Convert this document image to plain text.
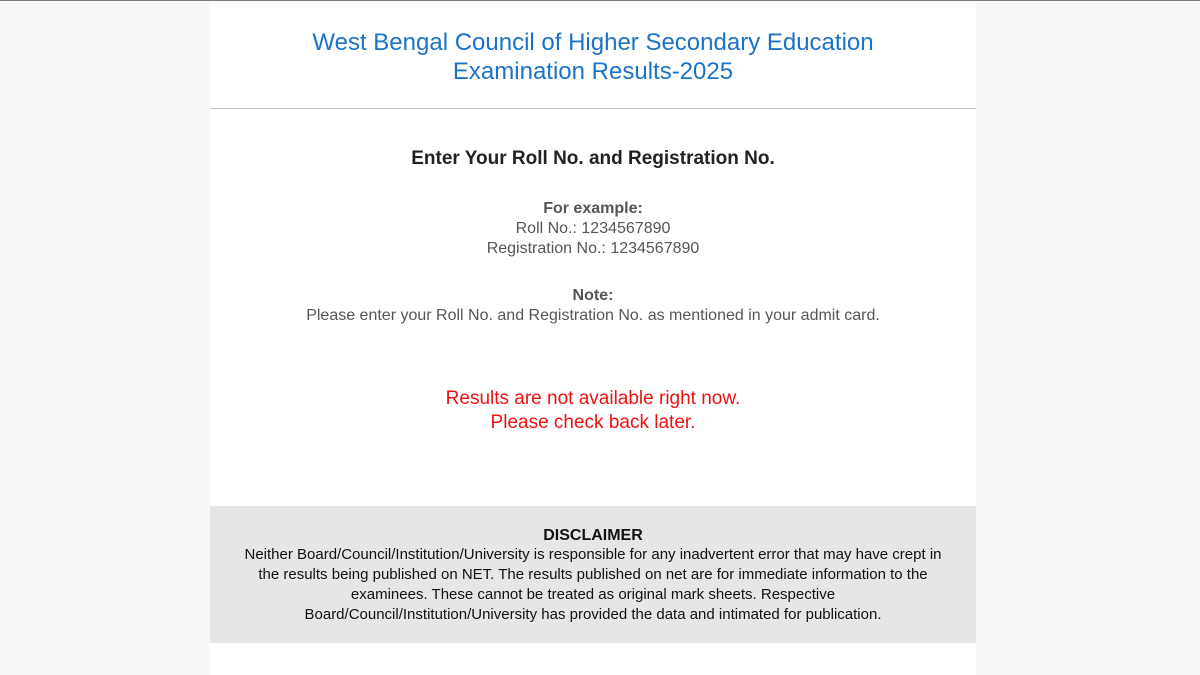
West Bengal Council of Higher Secondary Education
Examination Results-2025
Enter Your Roll No. and Registration No.
For example:
Roll No.: 1234567890
Registration No.: 1234567890
Note:
Please enter your Roll No. and Registration No. as mentioned in your admit card.
Results are not available right now.
Please check back later.
DISCLAIMER
Neither Board/Council/Institution/University is responsible for any inadvertent error that may have crept in the results being published on NET. The results published on net are for immediate information to the examinees. These cannot be treated as original mark sheets. Respective Board/Council/Institution/University has provided the data and intimated for publication.
